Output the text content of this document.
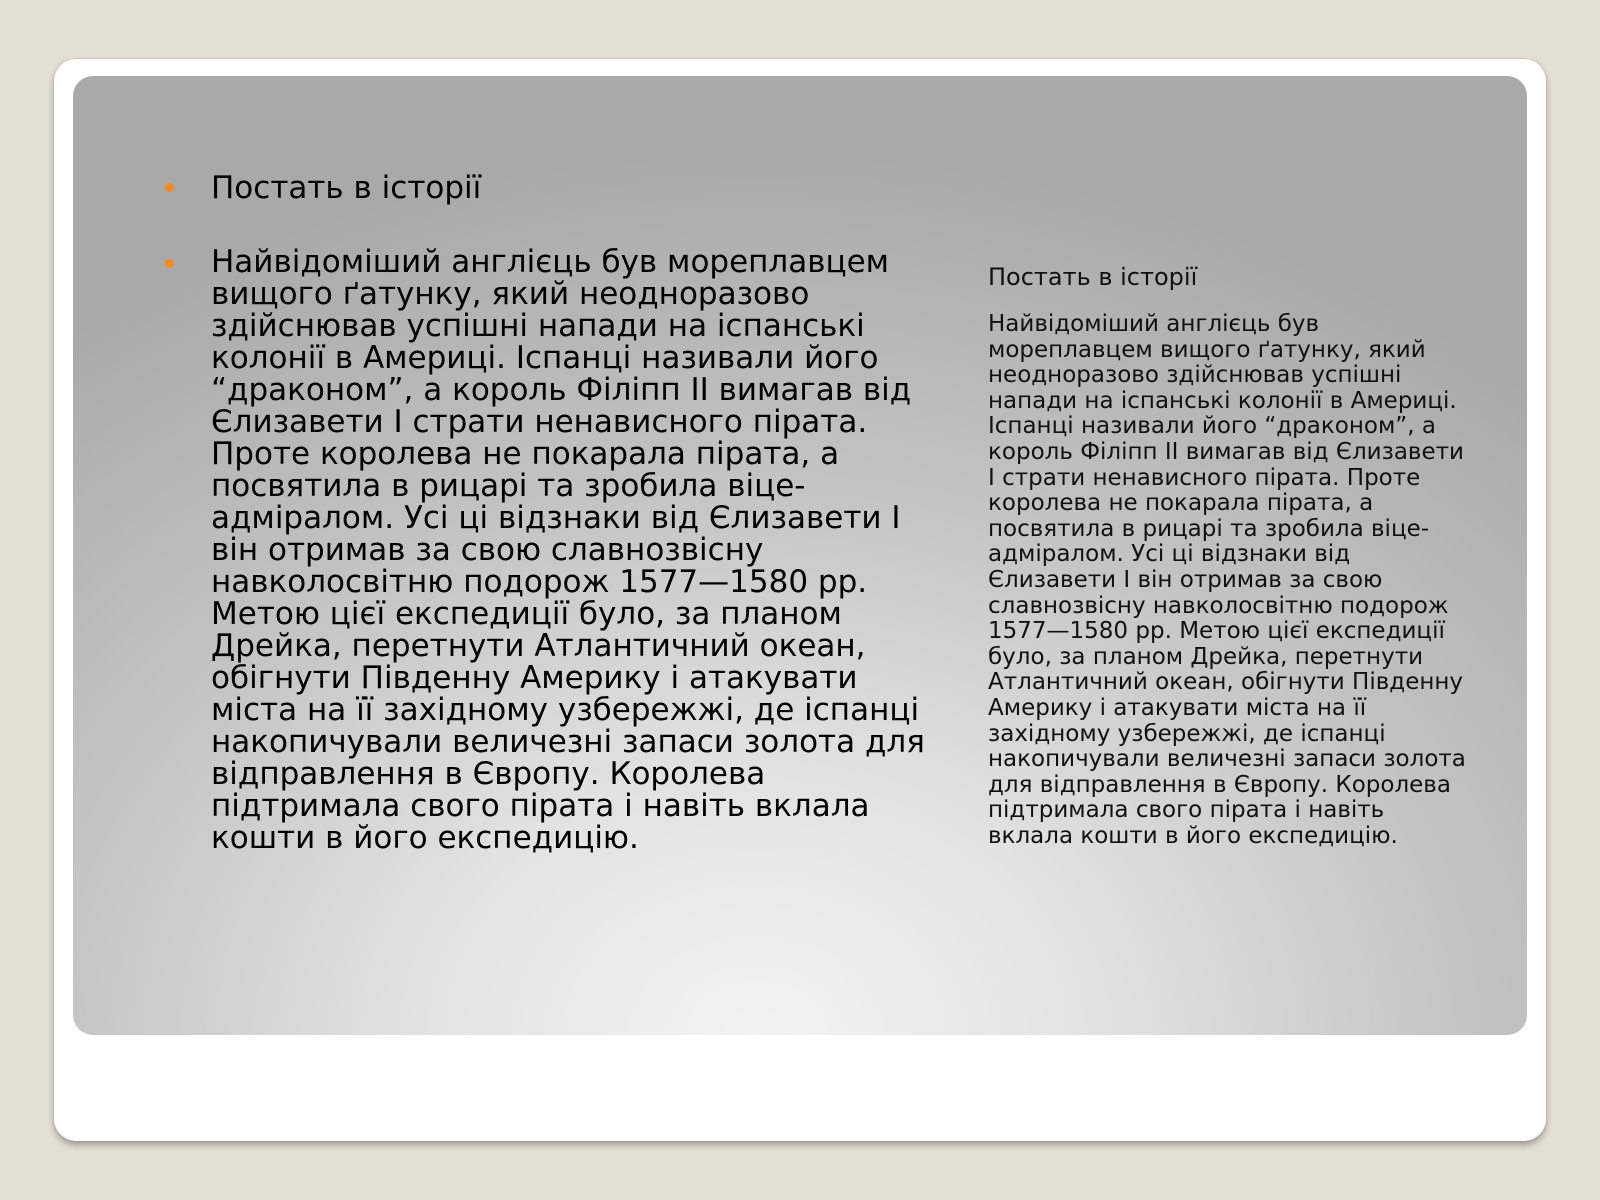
Постать в історії
Найвідоміший англієць був мореплавцем вищого ґатунку, який неодноразово здійснював успішні напади на іспанські колонії в Америці. Іспанці називали його “драконом”, а король Філіпп ІІ вимагав від Єлизавети І страти ненависного пірата. Проте королева не покарала пірата, а посвятила в рицарі та зробила віце-адміралом. Усі ці відзнаки від Єлизавети І він отримав за свою славнозвісну навколосвітню подорож 1577—1580 рр. Метою цієї експедиції було, за планом Дрейка, перетнути Атлантичний океан, обігнути Південну Америку і атакувати міста на її західному узбережжі, де іспанці накопичували величезні запаси золота для відправлення в Європу. Королева підтримала свого пірата і навіть вклала кошти в його експедицію.
Постать в історії
Найвідоміший англієць був мореплавцем вищого ґатунку, який неодноразово здійснював успішні напади на іспанські колонії в Америці. Іспанці називали його “драконом”, а король Філіпп ІІ вимагав від Єлизавети І страти ненависного пірата. Проте королева не покарала пірата, а посвятила в рицарі та зробила віце-адміралом. Усі ці відзнаки від Єлизавети І він отримав за свою славнозвісну навколосвітню подорож 1577—1580 рр. Метою цієї експедиції було, за планом Дрейка, перетнути Атлантичний океан, обігнути Південну Америку і атакувати міста на її західному узбережжі, де іспанці накопичували величезні запаси золота для відправлення в Європу. Королева підтримала свого пірата і навіть вклала кошти в його експедицію.
